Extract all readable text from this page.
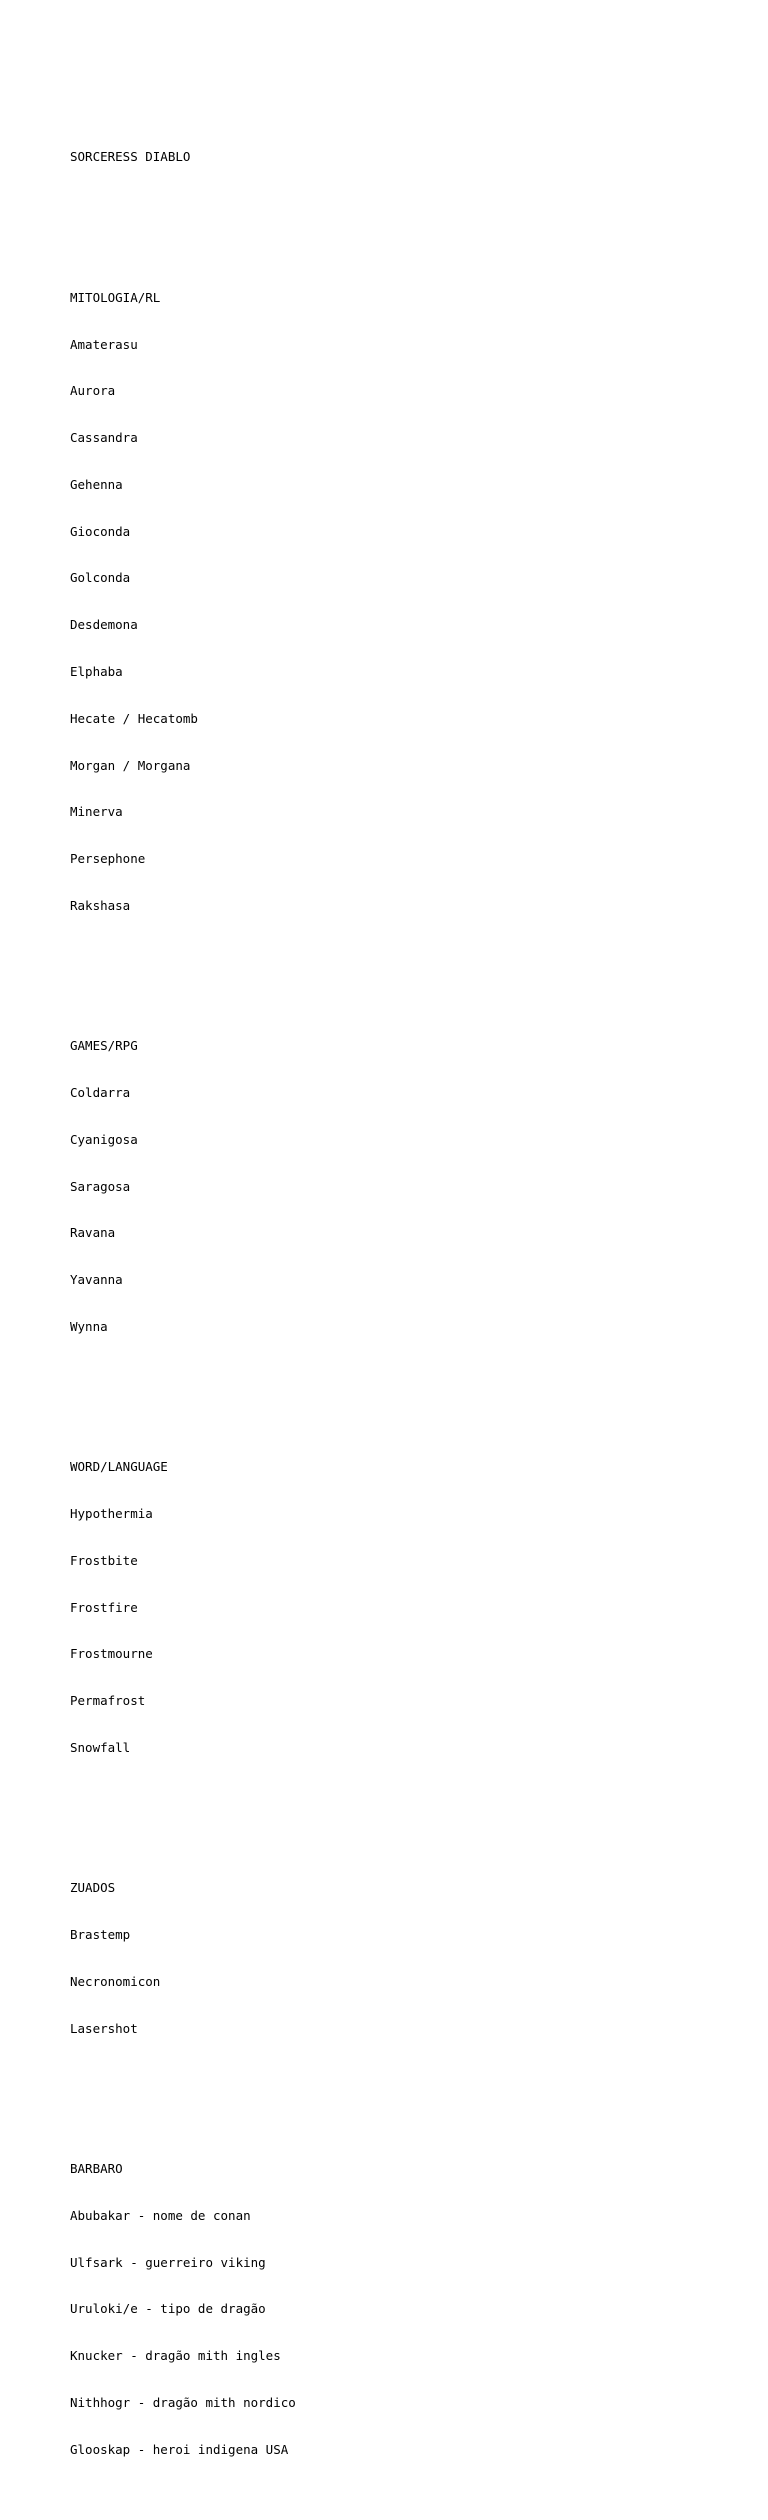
SORCERESS DIABLO

MITOLOGIA/RL

Amaterasu

Aurora

Cassandra

Gehenna

Gioconda

Golconda

Desdemona

Elphaba

Hecate / Hecatomb

Morgan / Morgana

Minerva

Persephone

Rakshasa

GAMES/RPG

Coldarra

Cyanigosa

Saragosa

Ravana

Yavanna

Wynna

WORD/LANGUAGE

Hypothermia

Frostbite

Frostfire

Frostmourne

Permafrost

Snowfall

ZUADOS

Brastemp

Necronomicon

Lasershot

BARBARO

Abubakar - nome de conan

Ulfsark - guerreiro viking

Uruloki/e - tipo de dragão

Knucker - dragão mith ingles

Nithhogr - dragão mith nordico

Glooskap - heroi indigena USA
